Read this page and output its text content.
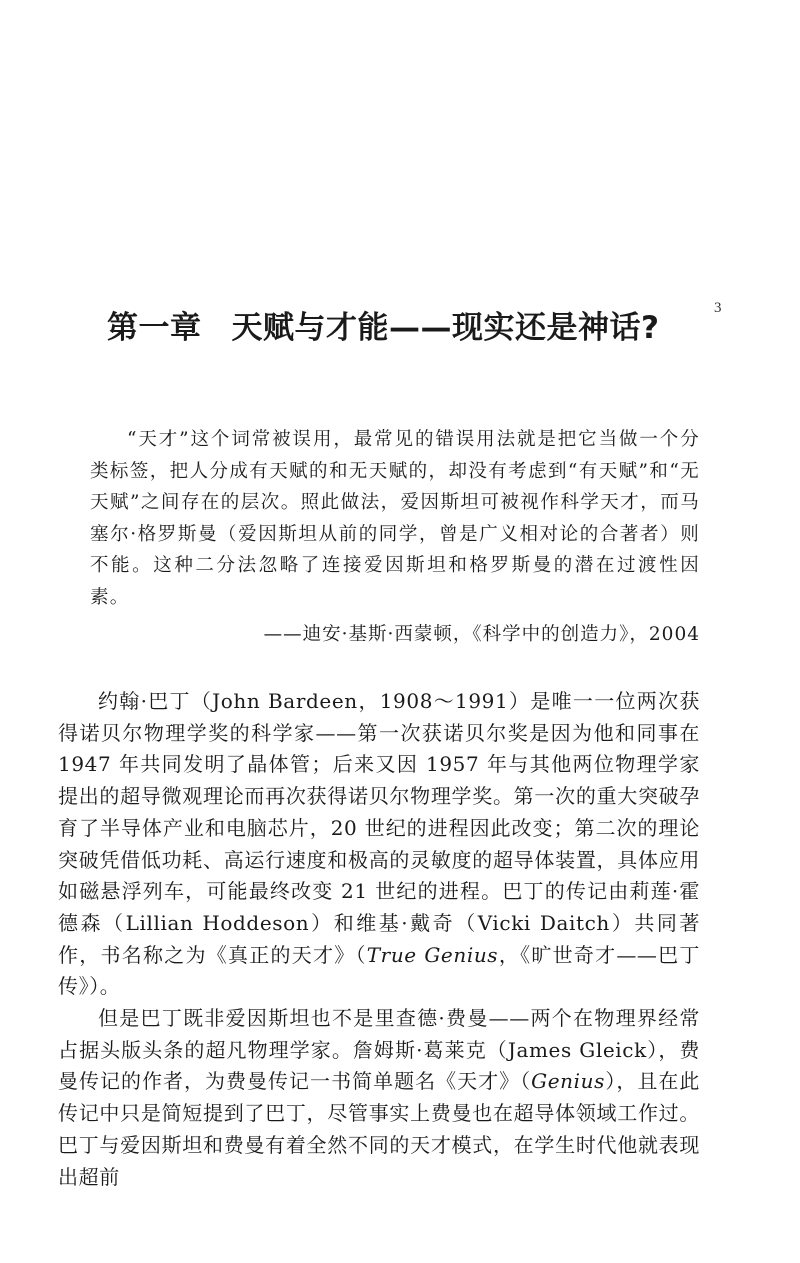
3
第一章 天赋与才能——现实还是神话?

“天才”这个词常被误用，最常见的错误用法就是把它当做一个分类标签，把人分成有天赋的和无天赋的，却没有考虑到“有天赋”和“无天赋”之间存在的层次。照此做法，爱因斯坦可被视作科学天才，而马塞尔·格罗斯曼（爱因斯坦从前的同学，曾是广义相对论的合著者）则不能。这种二分法忽略了连接爱因斯坦和格罗斯曼的潜在过渡性因素。

——迪安·基斯·西蒙顿，《科学中的创造力》，2004

约翰·巴丁（John Bardeen，1908～1991）是唯一一位两次获得诺贝尔物理学奖的科学家——第一次获诺贝尔奖是因为他和同事在 1947 年共同发明了晶体管；后来又因 1957 年与其他两位物理学家提出的超导微观理论而再次获得诺贝尔物理学奖。第一次的重大突破孕育了半导体产业和电脑芯片，20 世纪的进程因此改变；第二次的理论突破凭借低功耗、高运行速度和极高的灵敏度的超导体装置，具体应用如磁悬浮列车，可能最终改变 21 世纪的进程。巴丁的传记由莉莲·霍德森（Lillian Hoddeson）和维基·戴奇（Vicki Daitch）共同著作，书名称之为《真正的天才》（True Genius，《旷世奇才——巴丁传》）。

但是巴丁既非爱因斯坦也不是里查德·费曼——两个在物理界经常占据头版头条的超凡物理学家。詹姆斯·葛莱克（James Gleick），费曼传记的作者，为费曼传记一书简单题名《天才》（Genius），且在此传记中只是简短提到了巴丁，尽管事实上费曼也在超导体领域工作过。巴丁与爱因斯坦和费曼有着全然不同的天才模式，在学生时代他就表现出超前
